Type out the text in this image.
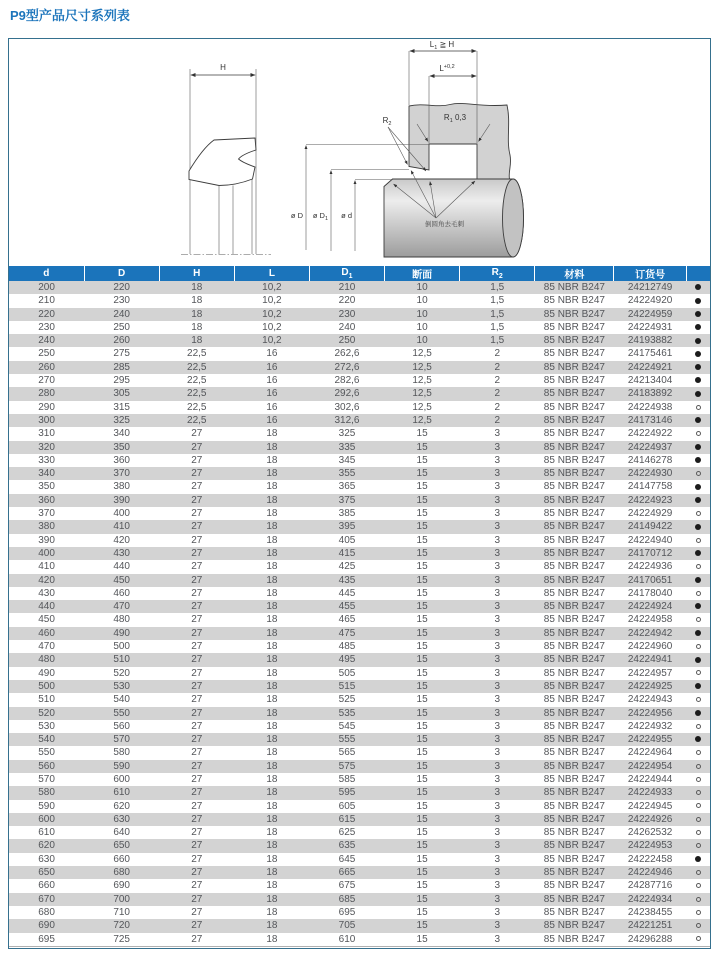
P9型产品尺寸系列表
H
$L_1$ ≧ H
$L^{+0,2}$
$R_1$ 0,3
$R_2$
ø D ø $D_1$ ø d
倒圆角去毛刺
d	D	H	L	$D_1$	断面	$R_2$	材料	订货号	
200	220	18	10,2	210	10	1,5	85 NBR B247	24212749	
210	230	18	10,2	220	10	1,5	85 NBR B247	24224920	
220	240	18	10,2	230	10	1,5	85 NBR B247	24224959	
230	250	18	10,2	240	10	1,5	85 NBR B247	24224931	
240	260	18	10,2	250	10	1,5	85 NBR B247	24193882	
250	275	22,5	16	262,6	12,5	2	85 NBR B247	24175461	
260	285	22,5	16	272,6	12,5	2	85 NBR B247	24224921	
270	295	22,5	16	282,6	12,5	2	85 NBR B247	24213404	
280	305	22,5	16	292,6	12,5	2	85 NBR B247	24183892	
290	315	22,5	16	302,6	12,5	2	85 NBR B247	24224938	
300	325	22,5	16	312,6	12,5	2	85 NBR B247	24173146	
310	340	27	18	325	15	3	85 NBR B247	24224922	
320	350	27	18	335	15	3	85 NBR B247	24224937	
330	360	27	18	345	15	3	85 NBR B247	24146278	
340	370	27	18	355	15	3	85 NBR B247	24224930	
350	380	27	18	365	15	3	85 NBR B247	24147758	
360	390	27	18	375	15	3	85 NBR B247	24224923	
370	400	27	18	385	15	3	85 NBR B247	24224929	
380	410	27	18	395	15	3	85 NBR B247	24149422	
390	420	27	18	405	15	3	85 NBR B247	24224940	
400	430	27	18	415	15	3	85 NBR B247	24170712	
410	440	27	18	425	15	3	85 NBR B247	24224936	
420	450	27	18	435	15	3	85 NBR B247	24170651	
430	460	27	18	445	15	3	85 NBR B247	24178040	
440	470	27	18	455	15	3	85 NBR B247	24224924	
450	480	27	18	465	15	3	85 NBR B247	24224958	
460	490	27	18	475	15	3	85 NBR B247	24224942	
470	500	27	18	485	15	3	85 NBR B247	24224960	
480	510	27	18	495	15	3	85 NBR B247	24224941	
490	520	27	18	505	15	3	85 NBR B247	24224957	
500	530	27	18	515	15	3	85 NBR B247	24224925	
510	540	27	18	525	15	3	85 NBR B247	24224943	
520	550	27	18	535	15	3	85 NBR B247	24224956	
530	560	27	18	545	15	3	85 NBR B247	24224932	
540	570	27	18	555	15	3	85 NBR B247	24224955	
550	580	27	18	565	15	3	85 NBR B247	24224964	
560	590	27	18	575	15	3	85 NBR B247	24224954	
570	600	27	18	585	15	3	85 NBR B247	24224944	
580	610	27	18	595	15	3	85 NBR B247	24224933	
590	620	27	18	605	15	3	85 NBR B247	24224945	
600	630	27	18	615	15	3	85 NBR B247	24224926	
610	640	27	18	625	15	3	85 NBR B247	24262532	
620	650	27	18	635	15	3	85 NBR B247	24224953	
630	660	27	18	645	15	3	85 NBR B247	24222458	
650	680	27	18	665	15	3	85 NBR B247	24224946	
660	690	27	18	675	15	3	85 NBR B247	24287716	
670	700	27	18	685	15	3	85 NBR B247	24224934	
680	710	27	18	695	15	3	85 NBR B247	24238455	
690	720	27	18	705	15	3	85 NBR B247	24221251	
695	725	27	18	610	15	3	85 NBR B247	24296288	
